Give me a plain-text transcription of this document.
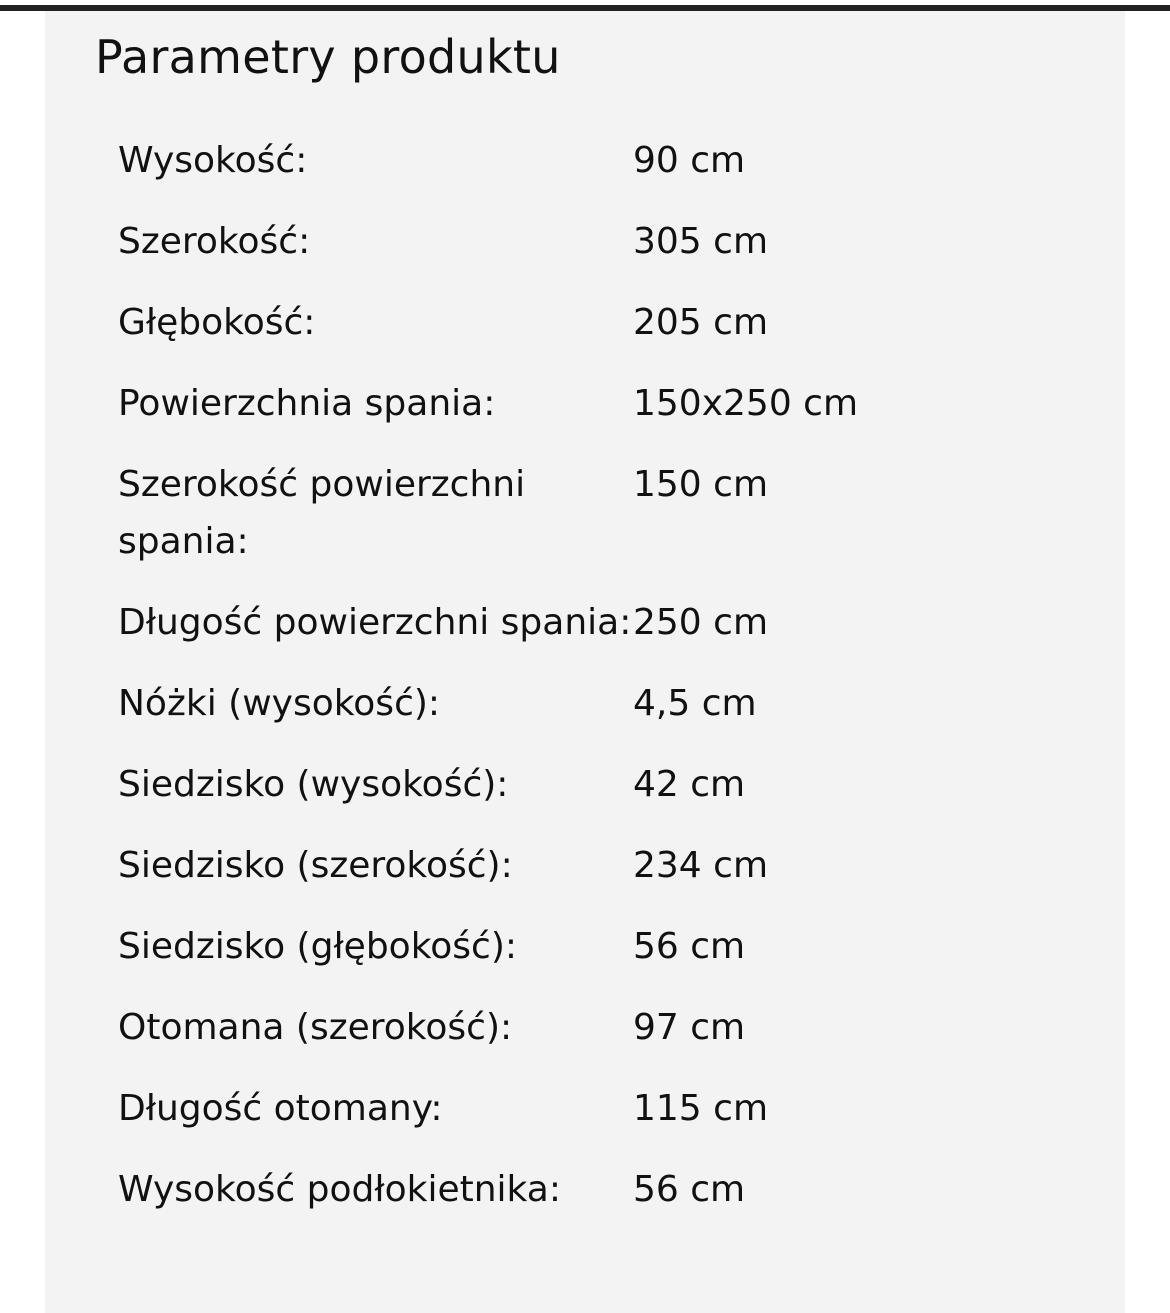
Parametry produktu
Wysokość:	90 cm
Szerokość:	305 cm
Głębokość:	205 cm
Powierzchnia spania:	150x250 cm
Szerokość powierzchni spania:
150 cm
Długość powierzchni spania: 250 cm
Nóżki (wysokość):	4,5 cm
Siedzisko (wysokość):	42 cm
Siedzisko (szerokość):	234 cm
Siedzisko (głębokość):	56 cm
Otomana (szerokość):	97 cm
Długość otomany:	115 cm
Wysokość podłokietnika:	56 cm
